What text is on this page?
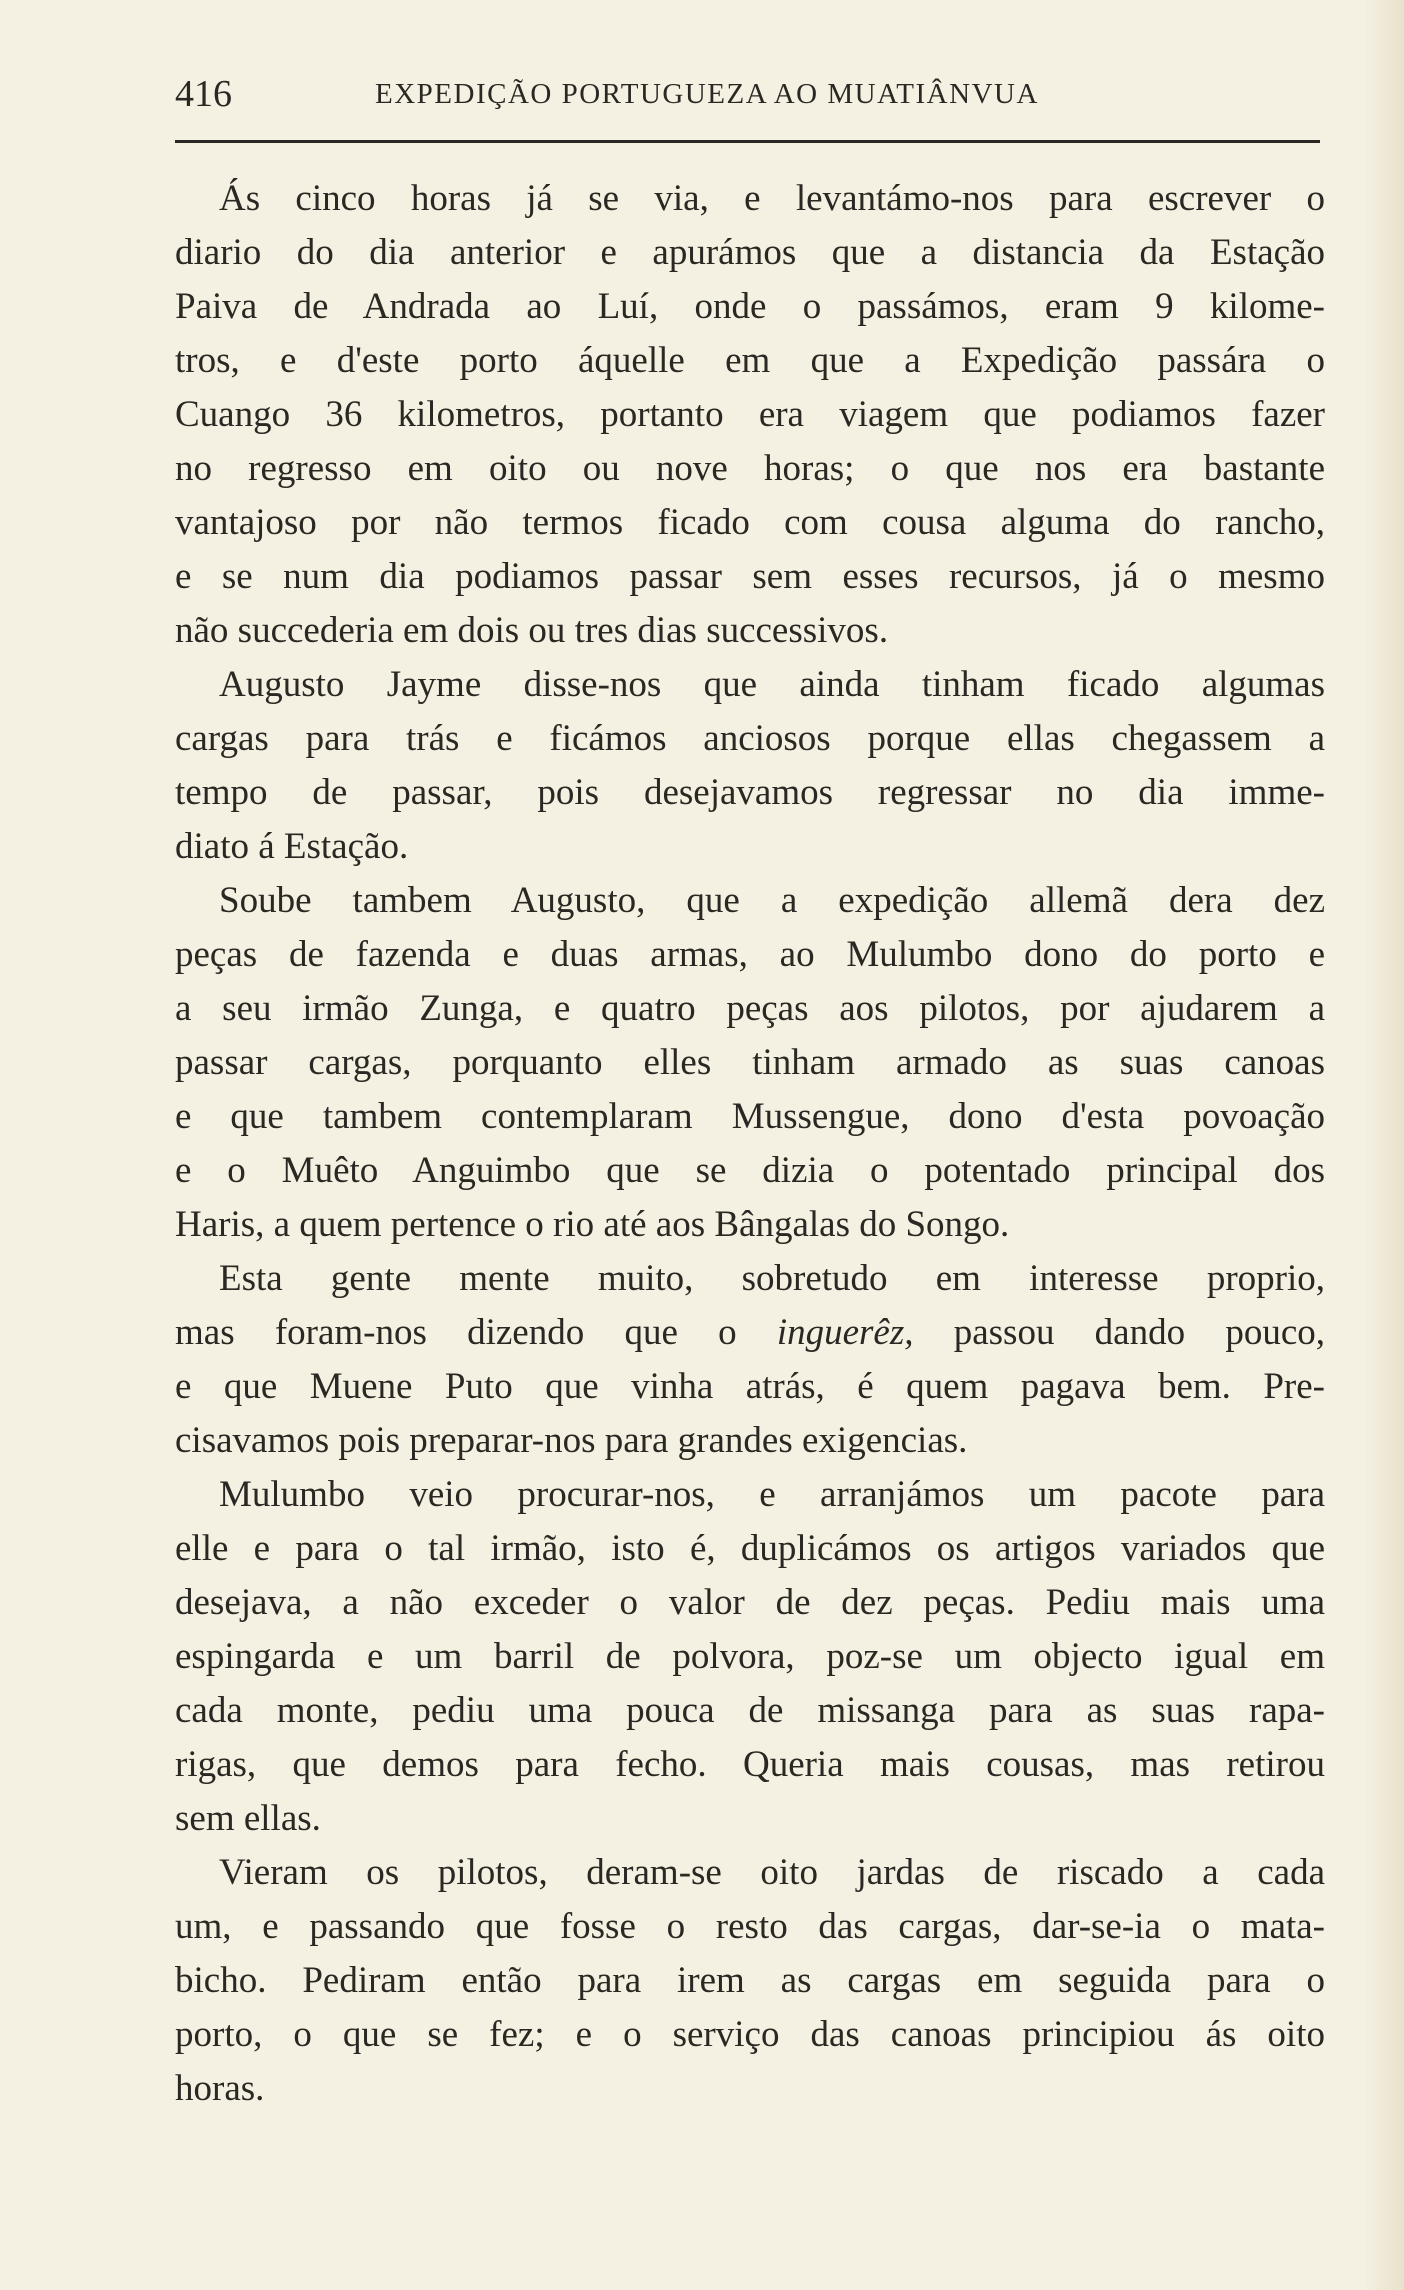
416	EXPEDIÇÃO PORTUGUEZA AO MUATIÂNVUA
Ás cinco horas já se via, e levantámo-nos para escrever o
diario do dia anterior e apurámos que a distancia da Estação
Paiva de Andrada ao Luí, onde o passámos, eram 9 kilome-
tros, e d'este porto áquelle em que a Expedição passára o
Cuango 36 kilometros, portanto era viagem que podiamos fazer
no regresso em oito ou nove horas; o que nos era bastante
vantajoso por não termos ficado com cousa alguma do rancho,
e se num dia podiamos passar sem esses recursos, já o mesmo
não succederia em dois ou tres dias successivos.
Augusto Jayme disse-nos que ainda tinham ficado algumas
cargas para trás e ficámos anciosos porque ellas chegassem a
tempo de passar, pois desejavamos regressar no dia imme-
diato á Estação.
Soube tambem Augusto, que a expedição allemã dera dez
peças de fazenda e duas armas, ao Mulumbo dono do porto e
a seu irmão Zunga, e quatro peças aos pilotos, por ajudarem a
passar cargas, porquanto elles tinham armado as suas canoas
e que tambem contemplaram Mussengue, dono d'esta povoação
e o Muêto Anguimbo que se dizia o potentado principal dos
Haris, a quem pertence o rio até aos Bângalas do Songo.
Esta gente mente muito, sobretudo em interesse proprio,
mas foram-nos dizendo que o inguerêz, passou dando pouco,
e que Muene Puto que vinha atrás, é quem pagava bem. Pre-
cisavamos pois preparar-nos para grandes exigencias.
Mulumbo veio procurar-nos, e arranjámos um pacote para
elle e para o tal irmão, isto é, duplicámos os artigos variados que
desejava, a não exceder o valor de dez peças. Pediu mais uma
espingarda e um barril de polvora, poz-se um objecto igual em
cada monte, pediu uma pouca de missanga para as suas rapa-
rigas, que demos para fecho. Queria mais cousas, mas retirou
sem ellas.
Vieram os pilotos, deram-se oito jardas de riscado a cada
um, e passando que fosse o resto das cargas, dar-se-ia o mata-
bicho. Pediram então para irem as cargas em seguida para o
porto, o que se fez; e o serviço das canoas principiou ás oito
horas.
